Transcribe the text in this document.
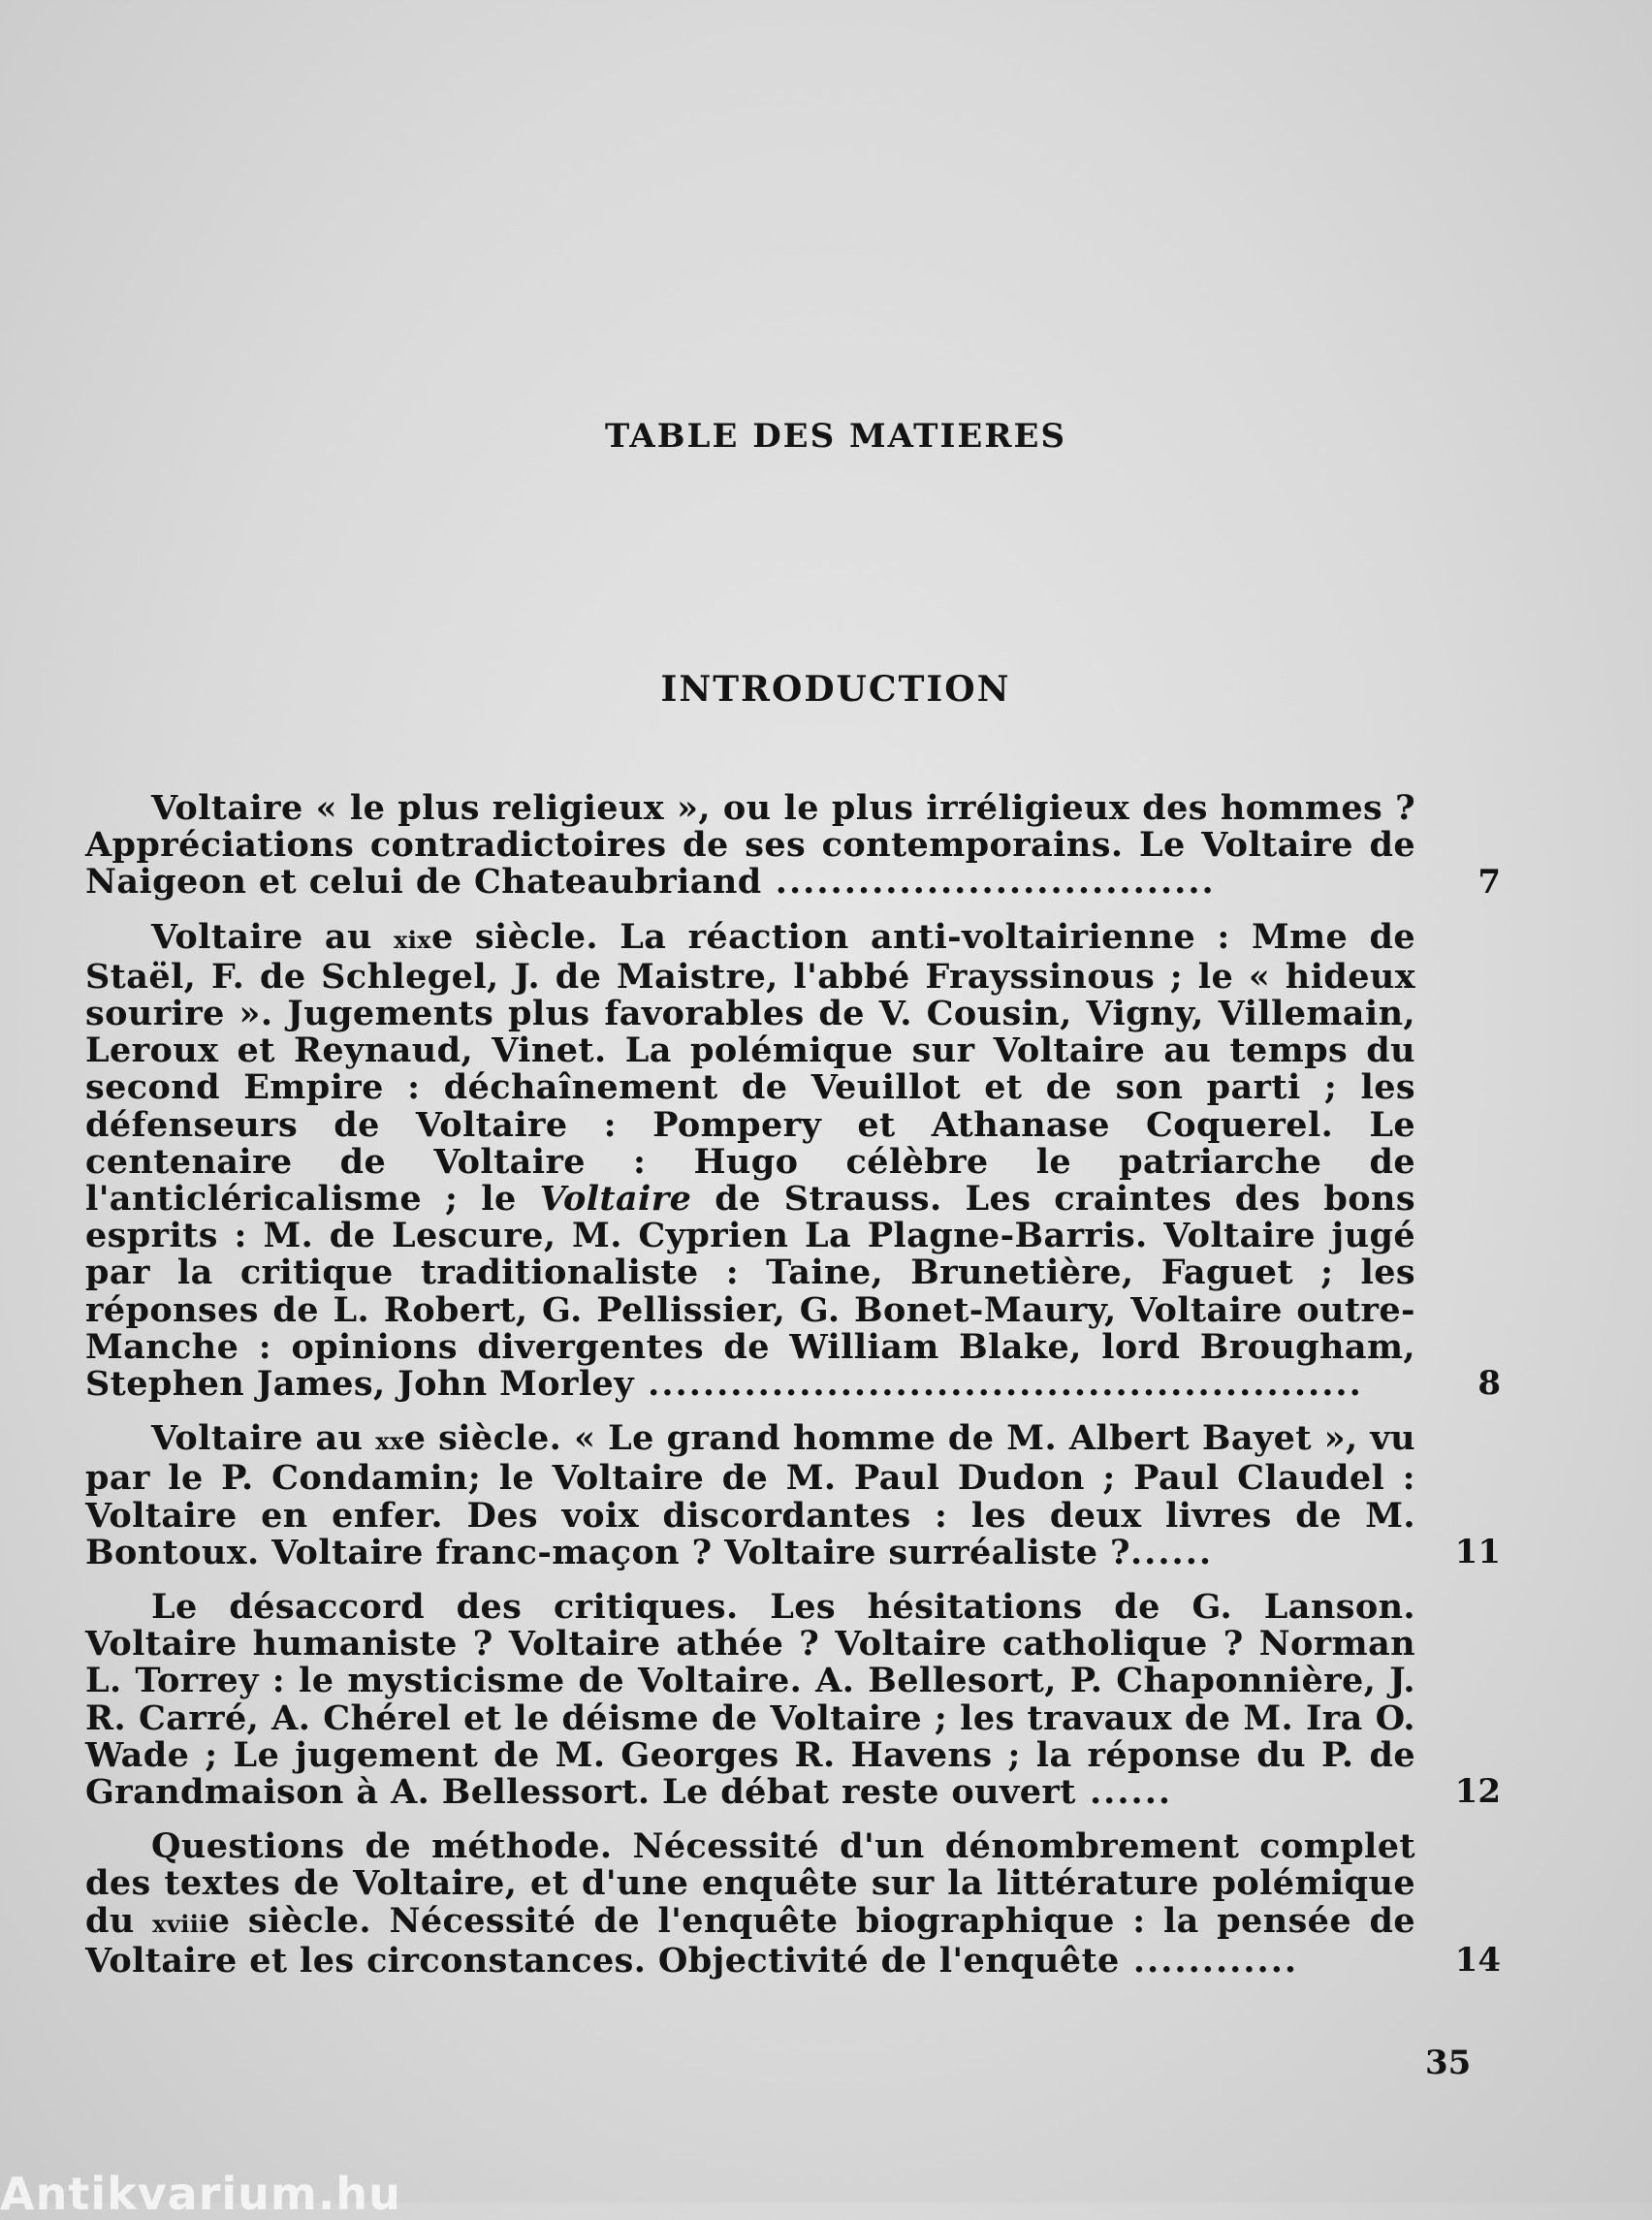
TABLE DES MATIERES
INTRODUCTION
Voltaire « le plus religieux », ou le plus irréligieux des hommes ? Appréciations contradictoires de ses contemporains. Le Voltaire de Naigeon et celui de Chateaubriand ................................	7
Voltaire au xixe siècle. La réaction anti-voltairienne : Mme de Staël, F. de Schlegel, J. de Maistre, l'abbé Frayssinous ; le « hideux sourire ». Jugements plus favorables de V. Cousin, Vigny, Villemain, Leroux et Reynaud, Vinet. La polémique sur Voltaire au temps du second Empire : déchaînement de Veuillot et de son parti ; les défenseurs de Voltaire : Pompery et Athanase Coquerel. Le centenaire de Voltaire : Hugo célèbre le patriarche de l'anticléricalisme ; le Voltaire de Strauss. Les craintes des bons esprits : M. de Lescure, M. Cyprien La Plagne-Barris. Voltaire jugé par la critique traditionaliste : Taine, Brunetière, Faguet ; les réponses de L. Robert, G. Pellissier, G. Bonet-Maury, Voltaire outre-Manche : opinions divergentes de William Blake, lord Brougham, Stephen James, John Morley ....................................................	8
Voltaire au xxe siècle. « Le grand homme de M. Albert Bayet », vu par le P. Condamin; le Voltaire de M. Paul Dudon ; Paul Claudel : Voltaire en enfer. Des voix discordantes : les deux livres de M. Bontoux. Voltaire franc-maçon ? Voltaire surréaliste ?......	11
Le désaccord des critiques. Les hésitations de G. Lanson. Voltaire humaniste ? Voltaire athée ? Voltaire catholique ? Norman L. Torrey : le mysticisme de Voltaire. A. Bellesort, P. Chaponnière, J. R. Carré, A. Chérel et le déisme de Voltaire ; les travaux de M. Ira O. Wade ; Le jugement de M. Georges R. Havens ; la réponse du P. de Grandmaison à A. Bellessort. Le débat reste ouvert ......	12
Questions de méthode. Nécessité d'un dénombrement complet des textes de Voltaire, et d'une enquête sur la littérature polémique du xviiie siècle. Nécessité de l'enquête biographique : la pensée de Voltaire et les circonstances. Objectivité de l'enquête ............	14
35
Antikvarium.hu
